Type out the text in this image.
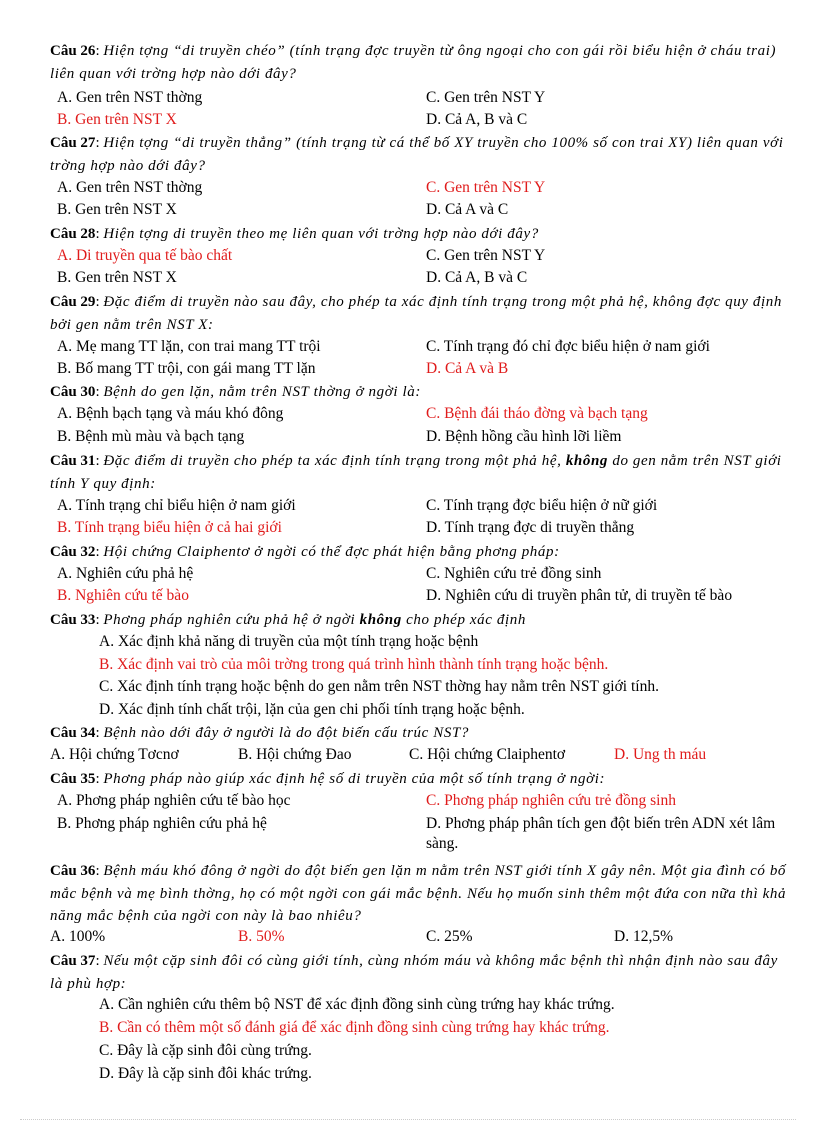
Câu 26: Hiện tợng “di truyền chéo” (tính trạng đợc truyền từ ông ngoại cho con gái rồi biểu hiện ở cháu trai) liên quan với trờng hợp nào dới đây?
A. Gen trên NST thờng	C. Gen trên NST Y
B. Gen trên NST X	D. Cả A, B và C
Câu 27: Hiện tợng “di truyền thẳng” (tính trạng từ cá thể bố XY truyền cho 100% số con trai XY) liên quan với trờng hợp nào dới đây?
A. Gen trên NST thờng	C. Gen trên NST Y
B. Gen trên NST X	D. Cả A và C
Câu 28: Hiện tợng di truyền theo mẹ liên quan với trờng hợp nào dới đây?
A. Di truyền qua tế bào chất	C. Gen trên NST Y
B. Gen trên NST X	D. Cả A, B và C
Câu 29: Đặc điểm di truyền nào sau đây, cho phép ta xác định tính trạng trong một phả hệ, không đợc quy định bởi gen nằm trên NST X:
A. Mẹ mang TT lặn, con trai mang TT trội	C. Tính trạng đó chỉ đợc biểu hiện ở nam giới
B. Bố mang TT trội, con gái mang TT lặn	D. Cả A và B
Câu 30: Bệnh do gen lặn, nằm trên NST thờng ở ngời là:
A. Bệnh bạch tạng và máu khó đông	C. Bệnh đái tháo đờng và bạch tạng
B. Bệnh mù màu và bạch tạng	D. Bệnh hồng cầu hình lỡi liềm
Câu 31: Đặc điểm di truyền cho phép ta xác định tính trạng trong một phả hệ, không do gen nằm trên NST giới tính Y quy định:
A. Tính trạng chỉ biểu hiện ở nam giới	C. Tính trạng đợc biểu hiện ở nữ giới
B. Tính trạng biểu hiện ở cả hai giới	D. Tính trạng đợc di truyền thẳng
Câu 32: Hội chứng Claiphentơ ở ngời có thể đợc phát hiện bằng phơng pháp:
A. Nghiên cứu phả hệ	C. Nghiên cứu trẻ đồng sinh
B. Nghiên cứu tế bào	D. Nghiên cứu di truyền phân tử, di truyền tế bào
Câu 33: Phơng pháp nghiên cứu phả hệ ở ngời không cho phép xác định
A. Xác định khả năng di truyền của một tính trạng hoặc bệnh
B. Xác định vai trò của môi trờng trong quá trình hình thành tính trạng hoặc bệnh.
C. Xác định tính trạng hoặc bệnh do gen nằm trên NST thờng hay nằm trên NST giới tính.
D. Xác định tính chất trội, lặn của gen chi phối tính trạng hoặc bệnh.
Câu 34: Bệnh nào dới đây ở người là do đột biến cấu trúc NST?
A. Hội chứng Tơcnơ	B. Hội chứng Đao	C. Hội chứng Claiphentơ	D. Ung th máu
Câu 35: Phơng pháp nào giúp xác định hệ số di truyền của một số tính trạng ở ngời:
A. Phơng pháp nghiên cứu tế bào học	C. Phơng pháp nghiên cứu trẻ đồng sinh
B. Phơng pháp nghiên cứu phả hệ	D. Phơng pháp phân tích gen đột biến trên ADN xét lâm sàng.
Câu 36: Bệnh máu khó đông ở ngời do đột biến gen lặn m nằm trên NST giới tính X gây nên. Một gia đình có bố mắc bệnh và mẹ bình thờng, họ có một ngời con gái mắc bệnh. Nếu họ muốn sinh thêm một đứa con nữa thì khả năng mắc bệnh của ngời con này là bao nhiêu?
A. 100%	B. 50%	C. 25%	D. 12,5%
Câu 37: Nếu một cặp sinh đôi có cùng giới tính, cùng nhóm máu và không mắc bệnh thì nhận định nào sau đây là phù hợp:
A. Cần nghiên cứu thêm bộ NST để xác định đồng sinh cùng trứng hay khác trứng.
B. Cần có thêm một số đánh giá để xác định đồng sinh cùng trứng hay khác trứng.
C. Đây là cặp sinh đôi cùng trứng.
D. Đây là cặp sinh đôi khác trứng.
